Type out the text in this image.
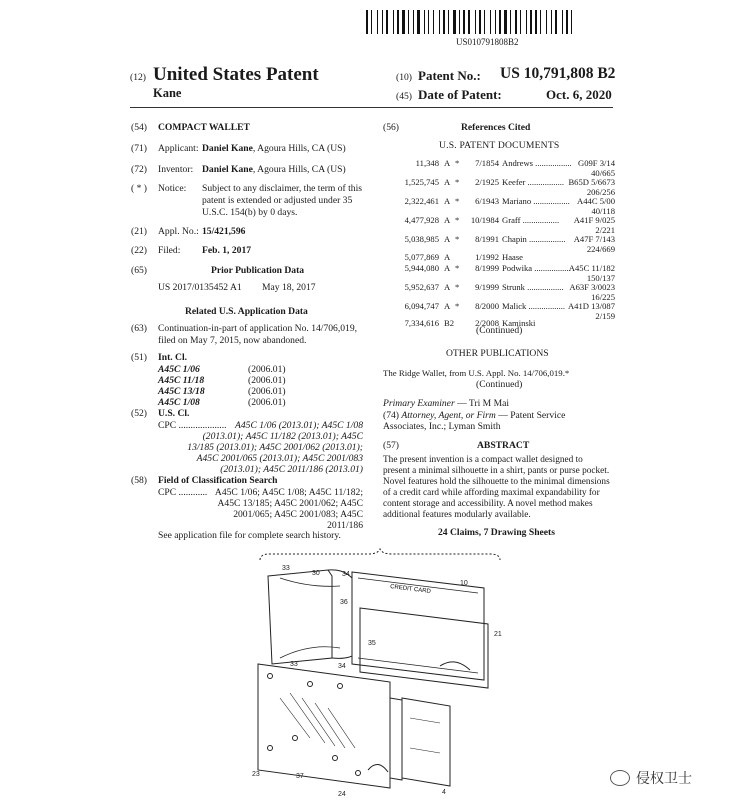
US010791808B2
(12) United States Patent
Kane
(10) Patent No.: US 10,791,808 B2
(45) Date of Patent:	Oct. 6, 2020
(54) COMPACT WALLET
(71) Applicant: Daniel Kane, Agoura Hills, CA (US)
(72) Inventor: Daniel Kane, Agoura Hills, CA (US)
( * ) Notice: Subject to any disclaimer, the term of this
patent is extended or adjusted under 35
U.S.C. 154(b) by 0 days.
(21) Appl. No.: 15/421,596
(22) Filed: Feb. 1, 2017
(65)	Prior Publication Data
US 2017/0135452 A1 May 18, 2017
Related U.S. Application Data
(63) Continuation-in-part of application No. 14/706,019,
filed on May 7, 2015, now abandoned.
(51) Int. Cl.
A45C 1/06	(2006.01)
A45C 11/18	(2006.01)
A45C 13/18	(2006.01)
A45C 1/08	(2006.01)
(52) U.S. Cl.
CPC .................... A45C 1/06 (2013.01); A45C 1/08
(2013.01); A45C 11/182 (2013.01); A45C
13/185 (2013.01); A45C 2001/062 (2013.01);
A45C 2001/065 (2013.01); A45C 2001/083
(2013.01); A45C 2011/186 (2013.01)
(58) Field of Classification Search
CPC ............ A45C 1/06; A45C 1/08; A45C 11/182;
A45C 13/185; A45C 2001/062; A45C
2001/065; A45C 2001/083; A45C
2011/186
See application file for complete search history.
(56)	References Cited
U.S. PATENT DOCUMENTS
11,348 A *	7/1854 Andrews ................. G09F 3/14
40/665
1,525,745 A *	2/1925 Keefer ................. B65D 5/6673
206/256
2,322,461 A *	6/1943 Mariano ................. A44C 5/00
40/118
4,477,928 A *	10/1984 Graff ................. A41F 9/025
2/221
5,038,985 A *	8/1991 Chapin ................. A47F 7/143
224/669
5,077,869 A	1/1992 Haase
5,944,080 A *	8/1999 Podwika .................
A45C 11/182
150/137
5,952,637 A *	9/1999 Strunk ................. A63F 3/0023
16/225
6,094,747 A *	8/2000 Malick ................. A41D 13/087
2/159
7,334,616 B2	2/2008 Kaminski
(Continued)
OTHER PUBLICATIONS
The Ridge Wallet, from U.S. Appl. No. 14/706,019.*
(Continued)
Primary Examiner — Tri M Mai
(74) Attorney, Agent, or Firm — Patent Service
Associates, Inc.; Lyman Smith
(57)	ABSTRACT
The present invention is a compact wallet designed to
present a minimal silhouette in a shirt, pants or purse pocket.
Novel features hold the silhouette to the minimal dimensions
of a credit card while affording maximal expandability for
content storage and accessibility. A novel method makes
additional features modularly available.
24 Claims, 7 Drawing Sheets
CREDIT CARD
33
30	34
10
36
35
21
33	34
23	37
24	4
侵权卫士
